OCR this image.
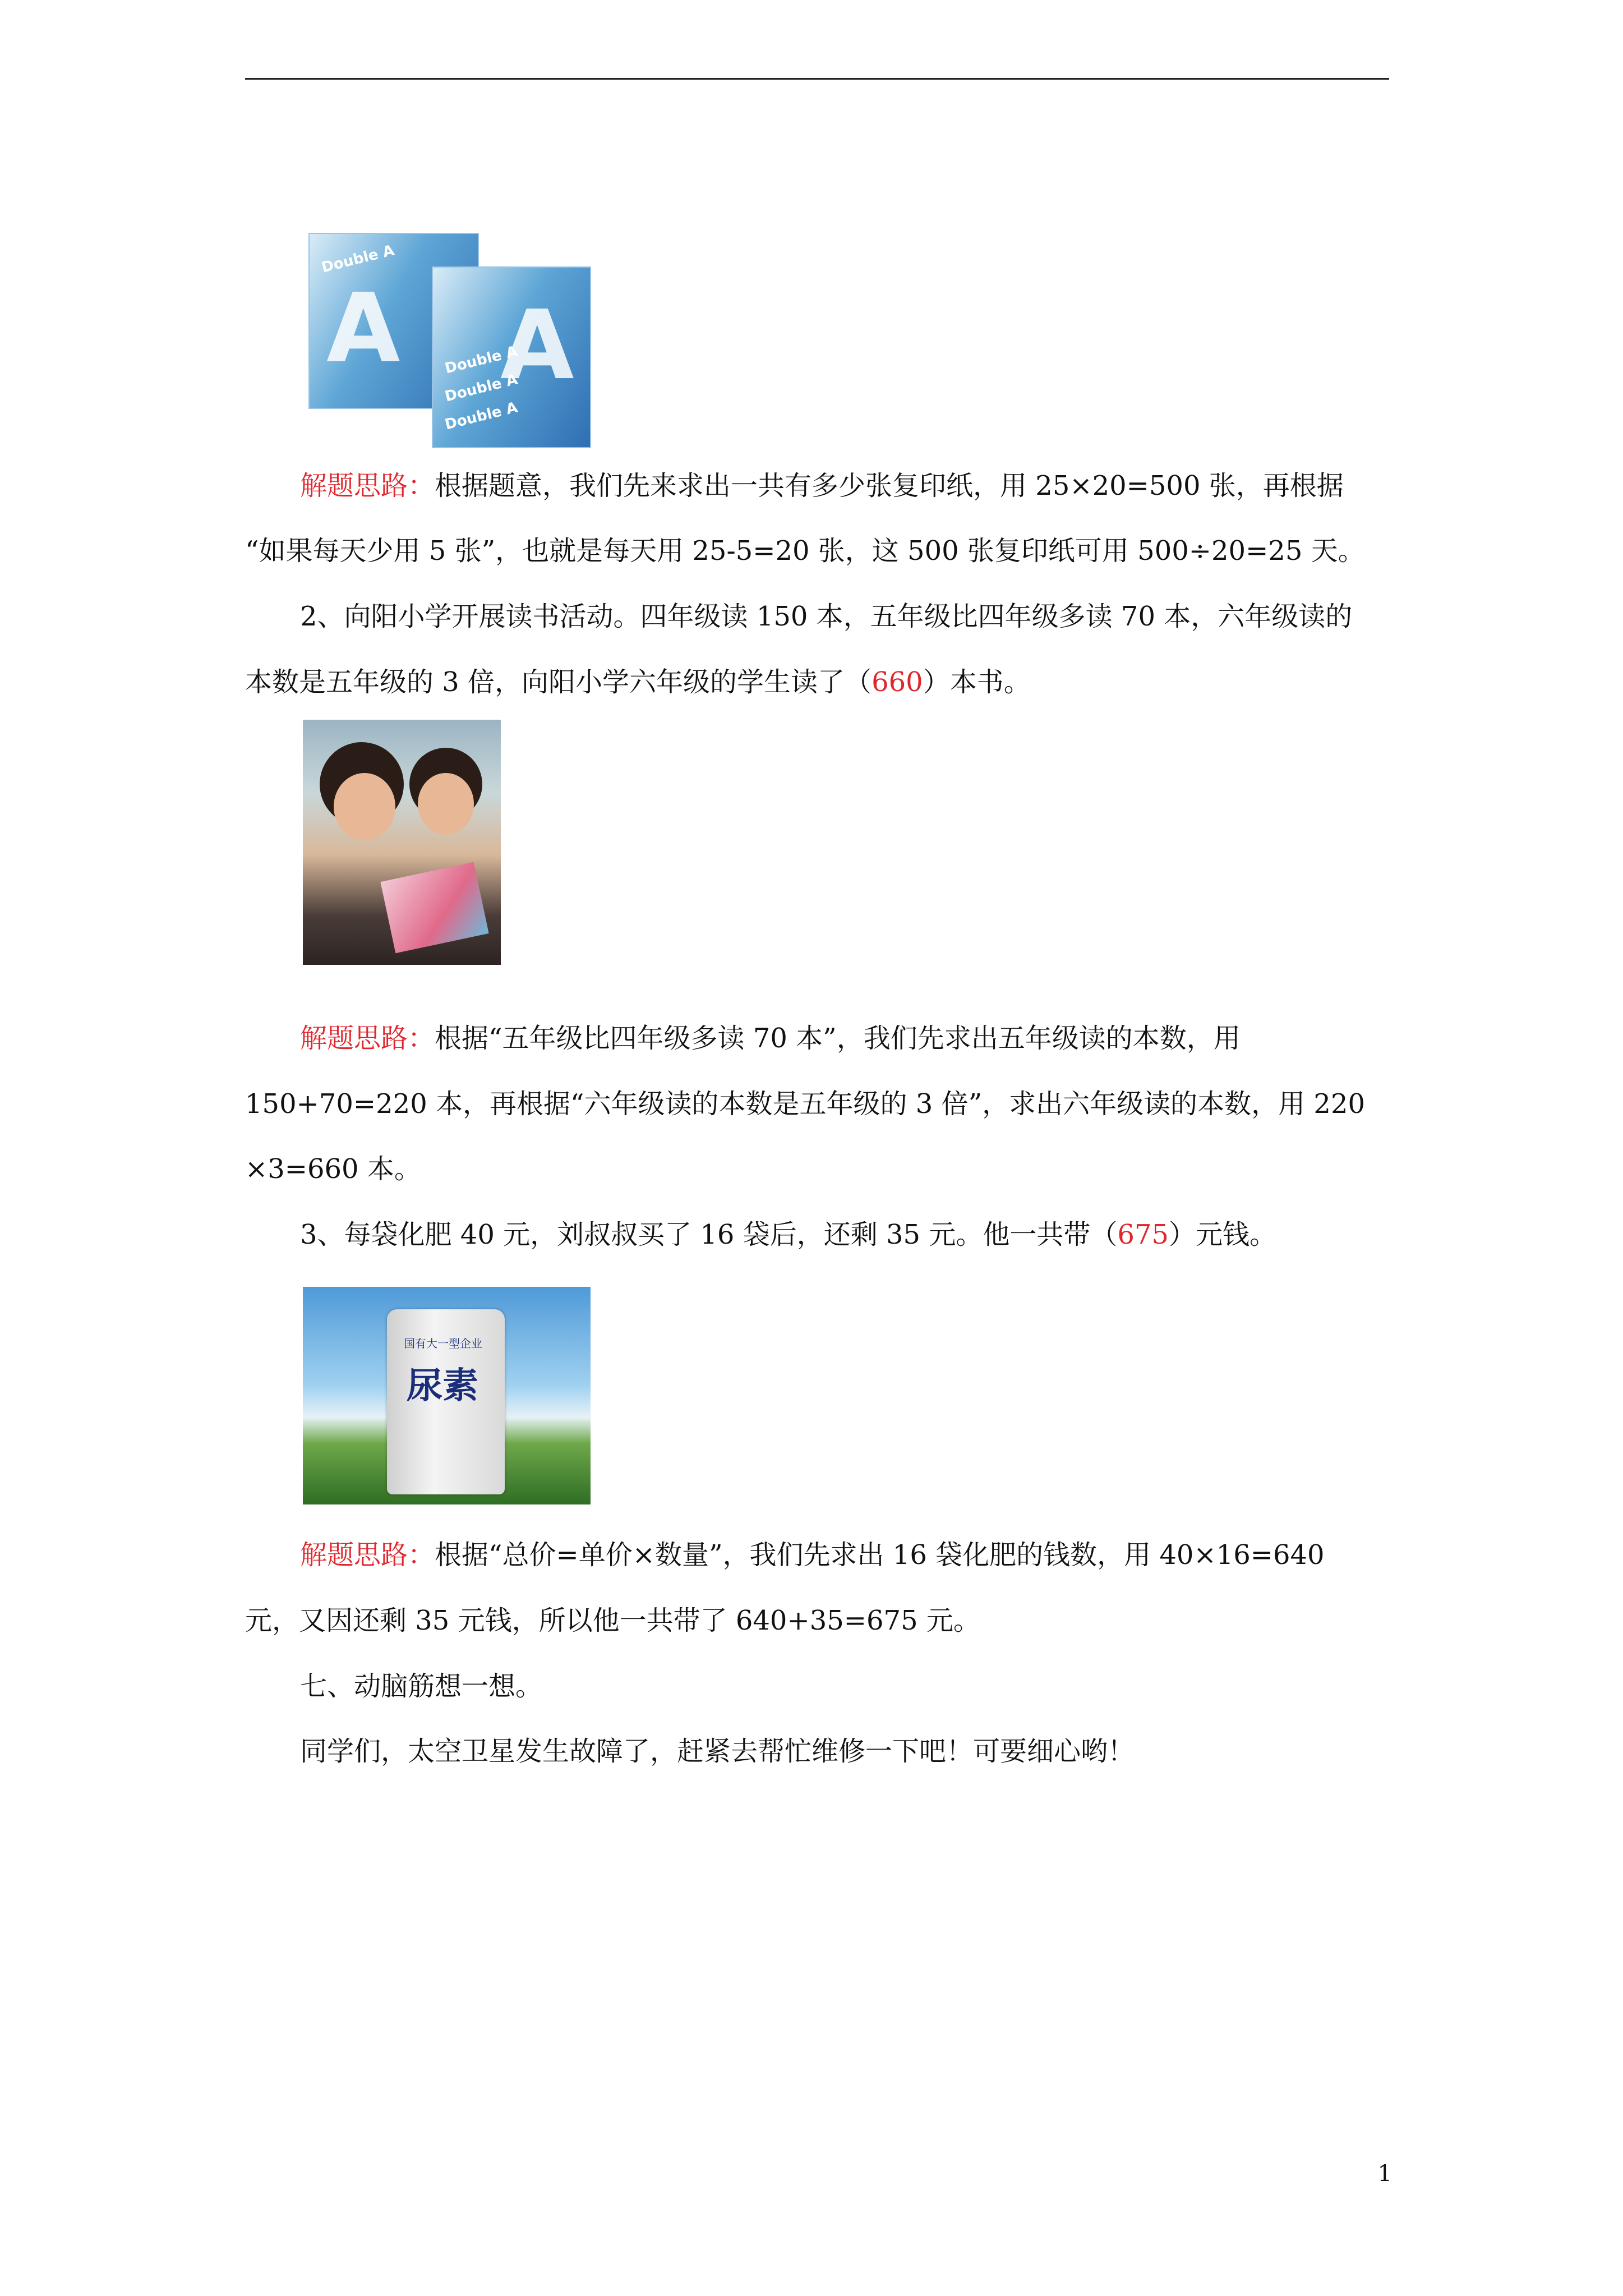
A
Double A
A
Double A
Double A
Double A

解题思路：根据题意，我们先来求出一共有多少张复印纸，用 25×20=500 张，再根据

“如果每天少用 5 张”，也就是每天用 25-5=20 张，这 500 张复印纸可用 500÷20=25 天。

2、向阳小学开展读书活动。四年级读 150 本，五年级比四年级多读 70 本，六年级读的

本数是五年级的 3 倍，向阳小学六年级的学生读了（660）本书。

解题思路：根据“五年级比四年级多读 70 本”，我们先求出五年级读的本数，用

150+70=220 本，再根据“六年级读的本数是五年级的 3 倍”，求出六年级读的本数，用 220

×3=660 本。

3、每袋化肥 40 元，刘叔叔买了 16 袋后，还剩 35 元。他一共带（675）元钱。

国有大一型企业
尿素

解题思路：根据“总价=单价×数量”，我们先求出 16 袋化肥的钱数，用 40×16=640

元，又因还剩 35 元钱，所以他一共带了 640+35=675 元。

七、动脑筋想一想。

同学们，太空卫星发生故障了，赶紧去帮忙维修一下吧！可要细心哟！

1
